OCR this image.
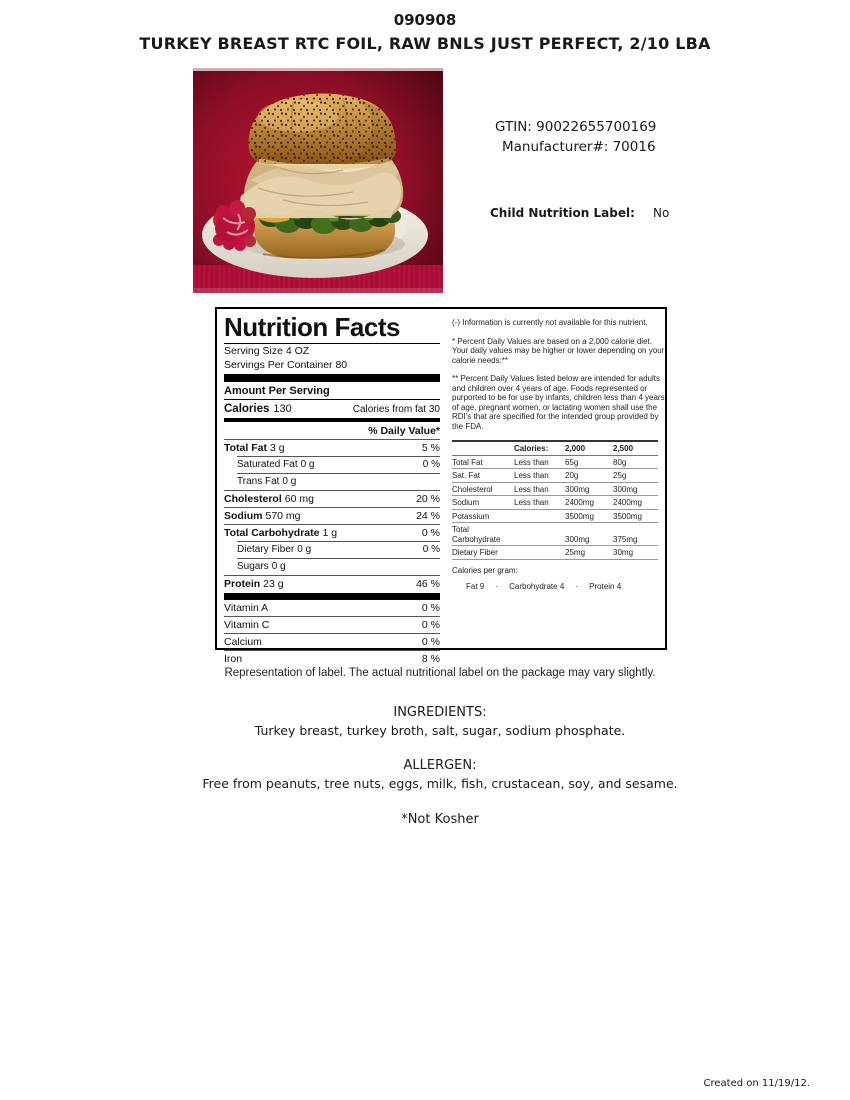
090908
TURKEY BREAST RTC FOIL, RAW BNLS JUST PERFECT, 2/10 LBA
GTIN: 90022655700169
Manufacturer#: 70016
Child Nutrition Label: No
Nutrition Facts
Serving Size 4 OZ
Servings Per Container 80
Amount Per Serving
Calories 130	Calories from fat 30
% Daily Value*
Total Fat 3 g	5 %
Saturated Fat 0 g	0 %
Trans Fat 0 g
Cholesterol 60 mg	20 %
Sodium 570 mg	24 %
Total Carbohydrate 1 g	0 %
Dietary Fiber 0 g	0 %
Sugars 0 g
Protein 23 g	46 %
Vitamin A	0 %
Vitamin C	0 %
Calcium	0 %
Iron	8 %
(-) Information is currently not available for this nutrient.
* Percent Daily Values are based on a 2,000 calorie diet.
Your daily values may be higher or lower depending on your
calorie needs:**
** Percent Daily Values listed below are intended for adults
and children over 4 years of age. Foods represented or
purported to be for use by infants, children less than 4 years
of age, pregnant women, or lactating women shall use the
RDI's that are specified for the intended group provided by
the FDA.
	Calories:	2,000	2,500
Total Fat	Less than	65g	80g
Sat. Fat	Less than	20g	25g
Cholesterol	Less than	300mg	300mg
Sodium	Less than	2400mg	2400mg
Potassium		3500mg	3500mg
Total Carbohydrate		300mg	375mg
Dietary Fiber		25mg	30mg
Calories per gram:
Fat 9     ·     Carbohydrate 4     ·     Protein 4
Representation of label. The actual nutritional label on the package may vary slightly.
INGREDIENTS:
Turkey breast, turkey broth, salt, sugar, sodium phosphate.
ALLERGEN:
Free from peanuts, tree nuts, eggs, milk, fish, crustacean, soy, and sesame.
*Not Kosher
Created on 11/19/12.
